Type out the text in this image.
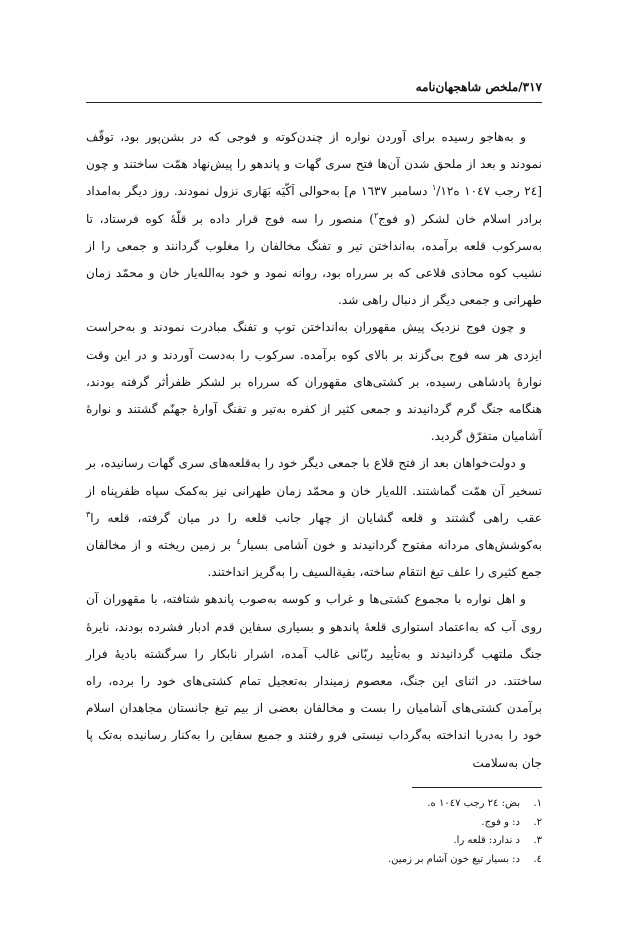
۳۱۷/ملخص شاهجهان‌نامه

و به‌هاجو رسیده برای آوردن نواره از چندن‌کوته و فوجی که در بشن‌پور بود، توقّف نمودند و بعد از ملحق شدن آن‌ها فتح سری گهات و پاندهو را پیش‌نهاد همّت ساختند و چون [٢٤ رجب ١٠٤٧ ه$^١$/١٢ دسامبر ١٦٣٧ م] به‌حوالی اَکّیَه بَهَاری نزول نمودند. روز دیگر به‌امداد برادر اسلام خان لشکر (و فوج$^٢$) منصور را سه فوج قرار داده بر قلّهٔ کوه فرستاد، تا به‌سرکوب قلعه برآمده، به‌انداختن تیر و تفنگ مخالفان را مغلوب گردانند و جمعی را از نشیب کوه محاذی قلاعی که بر سرراه بود، روانه نمود و خود به‌الله‌یار خان و محمّد زمان طهرانی و جمعی دیگر از دنبال راهی شد.

و چون فوج نزدیک پیش مقهوران به‌انداختن توپ و تفنگ مبادرت نمودند و به‌حراست ایزدی هر سه فوج بی‌گزند بر بالای کوه برآمده. سرکوب را به‌دست آوردند و در این وقت نوارهٔ پادشاهی رسیده، بر کشتی‌های مقهوران که سرراه بر لشکر ظفرأثر گرفته بودند، هنگامه جنگ گرم گردانیدند و جمعی کثیر از کفره به‌تیر و تفنگ آوارهٔ جهنّم گشتند و نوارهٔ آشامیان متفرّق گردید.

و دولت‌خواهان بعد از فتح قلاع با جمعی دیگر خود را به‌قلعه‌های سری گهات رسانیده، بر تسخیر آن همّت گماشتند. الله‌یار خان و محمّد زمان طهرانی نیز به‌کمک سپاه ظفرپناه از عقب راهی گشتند و قلعه گشایان از چهار جانب قلعه را در میان گرفته، قلعه را$^٣$ به‌کوشش‌های مردانه مفتوح گردانیدند و خون آشامی بسیار$^٤$ بر زمین ریخته و از مخالفان جمع کثیری را علف تیغ انتقام ساخته، بقیةالسیف را به‌گریز انداختند.

و اهل نواره با مجموع کشتی‌ها و غراب و کوسه به‌صوب پاندهو شتافته، با مقهوران آن روی آب که به‌اعتماد استواری قلعهٔ پاندهو و بسیاری سفاین قدم ادبار فشرده بودند، نایرهٔ جنگ ملتهب گردانیدند و به‌تأیید ربّانی غالب آمده، اشرار نابکار را سرگشته بادیهٔ فرار ساختند. در اثنای این جنگ، معصوم زمیندار به‌تعجیل تمام کشتی‌های خود را برده، راه برآمدن کشتی‌های آشامیان را بست و مخالفان بعضی از بیم تیغ جانستان مجاهدان اسلام خود را به‌دریا انداخته به‌گرداب نیستی فرو رفتند و جمیع سفاین را به‌کنار رسانیده به‌تک پا جان به‌سلامت

١.بض: ٢٤ رجب ١٠٤٧ ه.
٢.د: و فوج.
٣.د ندارد: قلعه را.
٤.د: بسیار تیغ خون آشام بر زمین.
